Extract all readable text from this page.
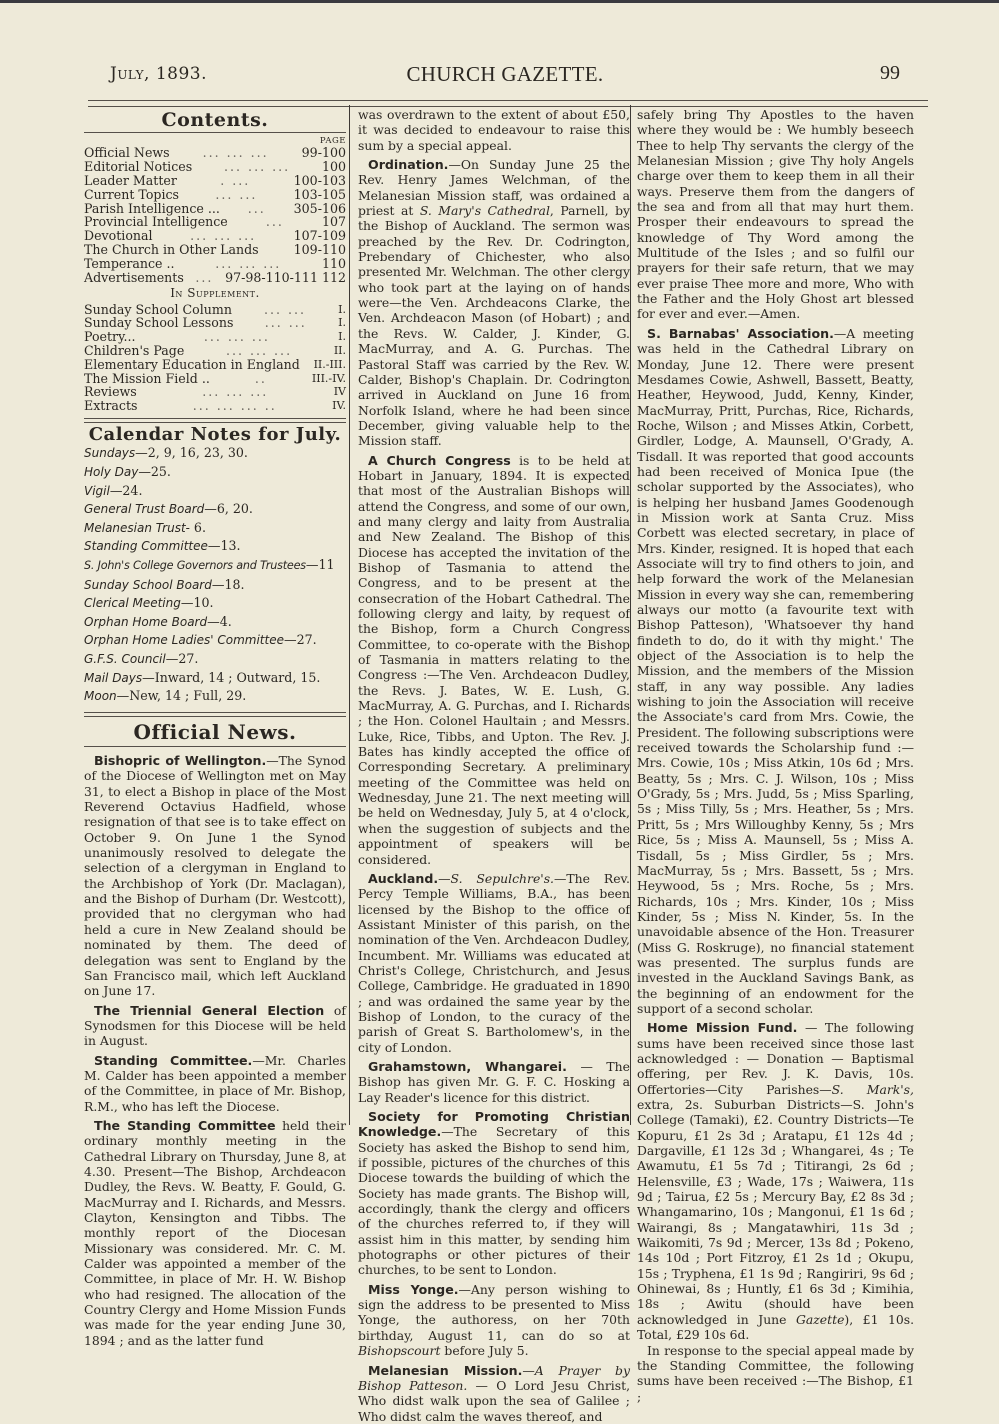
July, 1893.	CHURCH GAZETTE.	99
Contents.
PAGE
Official News	... ... ...	99-100
Editorial Notices	... ... ...	100
Leader Matter	. ...	100-103
Current Topics	... ...	103-105
Parish Intelligence ...	...	305-106
Provincial Intelligence	...	107
Devotional	... ... ...	107-109
The Church in Other Lands	109-110
Temperance ..	... ... ...	110
Advertisements ... 97-98-110-111 112
In Supplement.
Sunday School Column	... ...	I.
Sunday School Lessons	... ...	I.
Poetry...	... ... ...	I.
Children's Page	... ... ...	II.
Elementary Education in England II.-III.
The Mission Field ..	..	III.-IV.
Reviews	... ... ...	IV
Extracts	... ... ... ..	IV.
Calendar Notes for July.
Sundays—2, 9, 16, 23, 30.
Holy Day—25.
Vigil—24.
General Trust Board—6, 20.
Melanesian Trust- 6.
Standing Committee—13.
S. John's College Governors and Trustees—11
Sunday School Board—18.
Clerical Meeting—10.
Orphan Home Board—4.
Orphan Home Ladies' Committee—27.
G.F.S. Council—27.
Mail Days—Inward, 14 ; Outward, 15.
Moon—New, 14 ; Full, 29.
Official News.

Bishopric of Wellington.—The Synod of the Diocese of Wellington met on May 31, to elect a Bishop in place of the Most Reverend Octavius Hadfield, whose resignation of that see is to take effect on October 9. On June 1 the Synod unanimously resolved to delegate the selection of a clergyman in England to the Archbishop of York (Dr. Maclagan), and the Bishop of Durham (Dr. Westcott), provided that no clergyman who had held a cure in New Zealand should be nominated by them. The deed of delegation was sent to England by the San Francisco mail, which left Auckland on June 17.

The Triennial General Election of Synodsmen for this Diocese will be held in August.

Standing Committee.—Mr. Charles M. Calder has been appointed a member of the Committee, in place of Mr. Bishop, R.M., who has left the Diocese.

The Standing Committee held their ordinary monthly meeting in the Cathedral Library on Thursday, June 8, at 4.30. Present—The Bishop, Archdeacon Dudley, the Revs. W. Beatty, F. Gould, G. MacMurray and I. Richards, and Messrs. Clayton, Kensington and Tibbs. The monthly report of the Diocesan Missionary was considered. Mr. C. M. Calder was appointed a member of the Committee, in place of Mr. H. W. Bishop who had resigned. The allocation of the Country Clergy and Home Mission Funds was made for the year ending June 30, 1894 ; and as the latter fund

was overdrawn to the extent of about £50, it was decided to endeavour to raise this sum by a special appeal.

Ordination.—On Sunday June 25 the Rev. Henry James Welchman, of the Melanesian Mission staff, was ordained a priest at S. Mary's Cathedral, Parnell, by the Bishop of Auckland. The sermon was preached by the Rev. Dr. Codrington, Prebendary of Chichester, who also presented Mr. Welchman. The other clergy who took part at the laying on of hands were—the Ven. Archdeacons Clarke, the Ven. Archdeacon Mason (of Hobart) ; and the Revs. W. Calder, J. Kinder, G. MacMurray, and A. G. Purchas. The Pastoral Staff was carried by the Rev. W. Calder, Bishop's Chaplain. Dr. Codrington arrived in Auckland on June 16 from Norfolk Island, where he had been since December, giving valuable help to the Mission staff.

A Church Congress is to be held at Hobart in January, 1894. It is expected that most of the Australian Bishops will attend the Congress, and some of our own, and many clergy and laity from Australia and New Zealand. The Bishop of this Diocese has accepted the invitation of the Bishop of Tasmania to attend the Congress, and to be present at the consecration of the Hobart Cathedral. The following clergy and laity, by request of the Bishop, form a Church Congress Committee, to co-operate with the Bishop of Tasmania in matters relating to the Congress :—The Ven. Archdeacon Dudley, the Revs. J. Bates, W. E. Lush, G. MacMurray, A. G. Purchas, and I. Richards ; the Hon. Colonel Haultain ; and Messrs. Luke, Rice, Tibbs, and Upton. The Rev. J. Bates has kindly accepted the office of Corresponding Secretary. A preliminary meeting of the Committee was held on Wednesday, June 21. The next meeting will be held on Wednesday, July 5, at 4 o'clock, when the suggestion of subjects and the appointment of speakers will be considered.

Auckland.—S. Sepulchre's.—The Rev. Percy Temple Williams, B.A., has been licensed by the Bishop to the office of Assistant Minister of this parish, on the nomination of the Ven. Archdeacon Dudley, Incumbent. Mr. Williams was educated at Christ's College, Christchurch, and Jesus College, Cambridge. He graduated in 1890 ; and was ordained the same year by the Bishop of London, to the curacy of the parish of Great S. Bartholomew's, in the city of London.

Grahamstown, Whangarei. — The Bishop has given Mr. G. F. C. Hosking a Lay Reader's licence for this district.

Society for Promoting Christian Knowledge.—The Secretary of this Society has asked the Bishop to send him, if possible, pictures of the churches of this Diocese towards the building of which the Society has made grants. The Bishop will, accordingly, thank the clergy and officers of the churches referred to, if they will assist him in this matter, by sending him photographs or other pictures of their churches, to be sent to London.

Miss Yonge.—Any person wishing to sign the address to be presented to Miss Yonge, the authoress, on her 70th birthday, August 11, can do so at Bishopscourt before July 5.

Melanesian Mission.—A Prayer by Bishop Patteson. — O Lord Jesu Christ, Who didst walk upon the sea of Galilee ; Who didst calm the waves thereof, and

safely bring Thy Apostles to the haven where they would be : We humbly beseech Thee to help Thy servants the clergy of the Melanesian Mission ; give Thy holy Angels charge over them to keep them in all their ways. Preserve them from the dangers of the sea and from all that may hurt them. Prosper their endeavours to spread the knowledge of Thy Word among the Multitude of the Isles ; and so fulfil our prayers for their safe return, that we may ever praise Thee more and more, Who with the Father and the Holy Ghost art blessed for ever and ever.—Amen.

S. Barnabas' Association.—A meeting was held in the Cathedral Library on Monday, June 12. There were present Mesdames Cowie, Ashwell, Bassett, Beatty, Heather, Heywood, Judd, Kenny, Kinder, MacMurray, Pritt, Purchas, Rice, Richards, Roche, Wilson ; and Misses Atkin, Corbett, Girdler, Lodge, A. Maunsell, O'Grady, A. Tisdall. It was reported that good accounts had been received of Monica Ipue (the scholar supported by the Associates), who is helping her husband James Goodenough in Mission work at Santa Cruz. Miss Corbett was elected secretary, in place of Mrs. Kinder, resigned. It is hoped that each Associate will try to find others to join, and help forward the work of the Melanesian Mission in every way she can, remembering always our motto (a favourite text with Bishop Patteson), 'Whatsoever thy hand findeth to do, do it with thy might.' The object of the Association is to help the Mission, and the members of the Mission staff, in any way possible. Any ladies wishing to join the Association will receive the Associate's card from Mrs. Cowie, the President. The following subscriptions were received towards the Scholarship fund :—Mrs. Cowie, 10s ; Miss Atkin, 10s 6d ; Mrs. Beatty, 5s ; Mrs. C. J. Wilson, 10s ; Miss O'Grady, 5s ; Mrs. Judd, 5s ; Miss Sparling, 5s ; Miss Tilly, 5s ; Mrs. Heather, 5s ; Mrs. Pritt, 5s ; Mrs Willoughby Kenny, 5s ; Mrs Rice, 5s ; Miss A. Maunsell, 5s ; Miss A. Tisdall, 5s ; Miss Girdler, 5s ; Mrs. MacMurray, 5s ; Mrs. Bassett, 5s ; Mrs. Heywood, 5s ; Mrs. Roche, 5s ; Mrs. Richards, 10s ; Mrs. Kinder, 10s ; Miss Kinder, 5s ; Miss N. Kinder, 5s. In the unavoidable absence of the Hon. Treasurer (Miss G. Roskruge), no financial statement was presented. The surplus funds are invested in the Auckland Savings Bank, as the beginning of an endowment for the support of a second scholar.

Home Mission Fund. — The following sums have been received since those last acknowledged : — Donation — Baptismal offering, per Rev. J. K. Davis, 10s. Offertories—City Parishes—S. Mark's, extra, 2s. Suburban Districts—S. John's College (Tamaki), £2. Country Districts—Te Kopuru, £1 2s 3d ; Aratapu, £1 12s 4d ; Dargaville, £1 12s 3d ; Whangarei, 4s ; Te Awamutu, £1 5s 7d ; Titirangi, 2s 6d ; Helensville, £3 ; Wade, 17s ; Waiwera, 11s 9d ; Tairua, £2 5s ; Mercury Bay, £2 8s 3d ; Whangamarino, 10s ; Mangonui, £1 1s 6d ; Wairangi, 8s ; Mangatawhiri, 11s 3d ; Waikomiti, 7s 9d ; Mercer, 13s 8d ; Pokeno, 14s 10d ; Port Fitzroy, £1 2s 1d ; Okupu, 15s ; Tryphena, £1 1s 9d ; Rangiriri, 9s 6d ; Ohinewai, 8s ; Huntly, £1 6s 3d ; Kimihia, 18s ; Awitu (should have been acknowledged in June Gazette), £1 10s. Total, £29 10s 6d.

In response to the special appeal made by the Standing Committee, the following sums have been received :—The Bishop, £1 ;
